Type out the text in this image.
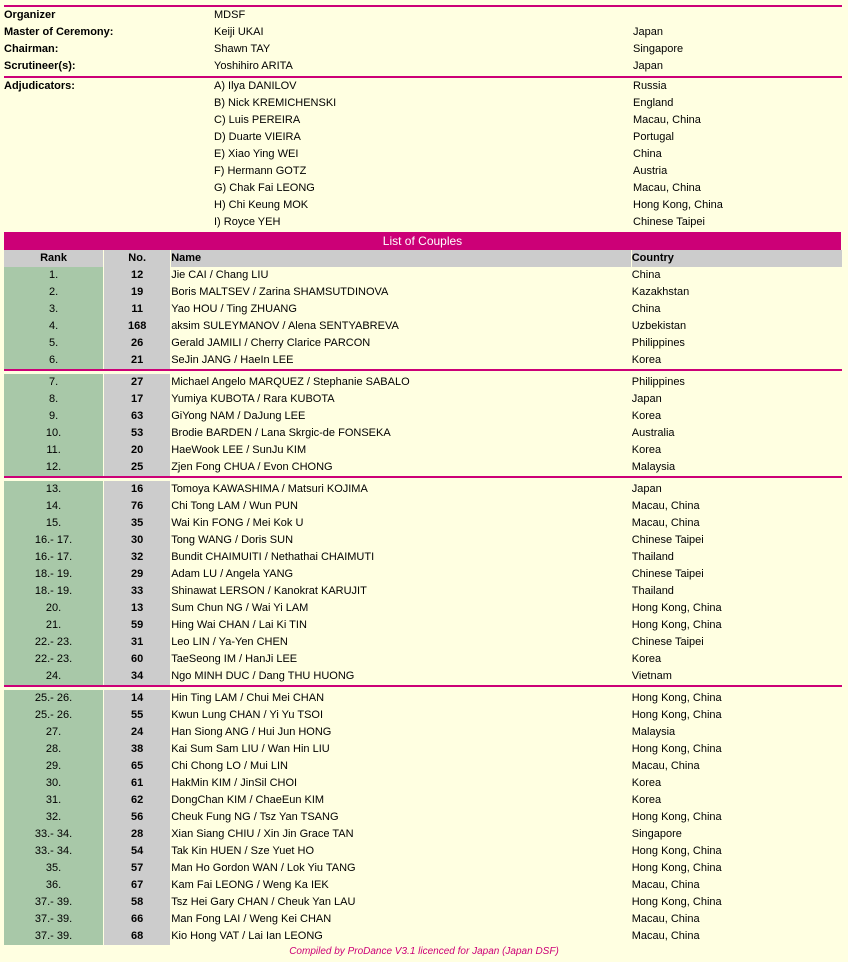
Organizer	MDSF
Master of Ceremony:	Keiji UKAI	Japan
Chairman:	Shawn TAY	Singapore
Scrutineer(s):	Yoshihiro ARITA	Japan
Adjudicators:	A) Ilya DANILOV	Russia
B) Nick KREMICHENSKI	England
C) Luis PEREIRA	Macau, China
D) Duarte VIEIRA	Portugal
E) Xiao Ying WEI	China
F) Hermann GOTZ	Austria
G) Chak Fai LEONG	Macau, China
H) Chi Keung MOK	Hong Kong, China
I) Royce YEH	Chinese Taipei
List of Couples
Rank	No.	Name	Country
1.	12	Jie CAI / Chang LIU	China
2.	19	Boris MALTSEV / Zarina SHAMSUTDINOVA	Kazakhstan
3.	11	Yao HOU / Ting ZHUANG	China
4.	168	aksim SULEYMANOV / Alena SENTYABREVA	Uzbekistan
5.	26	Gerald JAMILI / Cherry Clarice PARCON	Philippines
6.	21	SeJin JANG / HaeIn LEE	Korea

7.	27	Michael Angelo MARQUEZ / Stephanie SABALO	Philippines
8.	17	Yumiya KUBOTA / Rara KUBOTA	Japan
9.	63	GiYong NAM / DaJung LEE	Korea
10.	53	Brodie BARDEN / Lana Skrgic-de FONSEKA	Australia
11.	20	HaeWook LEE / SunJu KIM	Korea
12.	25	Zjen Fong CHUA / Evon CHONG	Malaysia

13.	16	Tomoya KAWASHIMA / Matsuri KOJIMA	Japan
14.	76	Chi Tong LAM / Wun PUN	Macau, China
15.	35	Wai Kin FONG / Mei Kok U	Macau, China
16.- 17.	30	Tong WANG / Doris SUN	Chinese Taipei
16.- 17.	32	Bundit CHAIMUITI / Nethathai CHAIMUTI	Thailand
18.- 19.	29	Adam LU / Angela YANG	Chinese Taipei
18.- 19.	33	Shinawat LERSON / Kanokrat KARUJIT	Thailand
20.	13	Sum Chun NG / Wai Yi LAM	Hong Kong, China
21.	59	Hing Wai CHAN / Lai Ki TIN	Hong Kong, China
22.- 23.	31	Leo LIN / Ya-Yen CHEN	Chinese Taipei
22.- 23.	60	TaeSeong IM / HanJi LEE	Korea
24.	34	Ngo MINH DUC / Dang THU HUONG	Vietnam

25.- 26.	14	Hin Ting LAM / Chui Mei CHAN	Hong Kong, China
25.- 26.	55	Kwun Lung CHAN / Yi Yu TSOI	Hong Kong, China
27.	24	Han Siong ANG / Hui Jun HONG	Malaysia
28.	38	Kai Sum Sam LIU / Wan Hin LIU	Hong Kong, China
29.	65	Chi Chong LO / Mui LIN	Macau, China
30.	61	HakMin KIM / JinSil CHOI	Korea
31.	62	DongChan KIM / ChaeEun KIM	Korea
32.	56	Cheuk Fung NG / Tsz Yan TSANG	Hong Kong, China
33.- 34.	28	Xian Siang CHIU / Xin Jin Grace TAN	Singapore
33.- 34.	54	Tak Kin HUEN / Sze Yuet HO	Hong Kong, China
35.	57	Man Ho Gordon WAN / Lok Yiu TANG	Hong Kong, China
36.	67	Kam Fai LEONG / Weng Ka IEK	Macau, China
37.- 39.	58	Tsz Hei Gary CHAN / Cheuk Yan LAU	Hong Kong, China
37.- 39.	66	Man Fong LAI / Weng Kei CHAN	Macau, China
37.- 39.	68	Kio Hong VAT / Lai Ian LEONG	Macau, China
Compiled by ProDance V3.1 licenced for Japan (Japan DSF)
